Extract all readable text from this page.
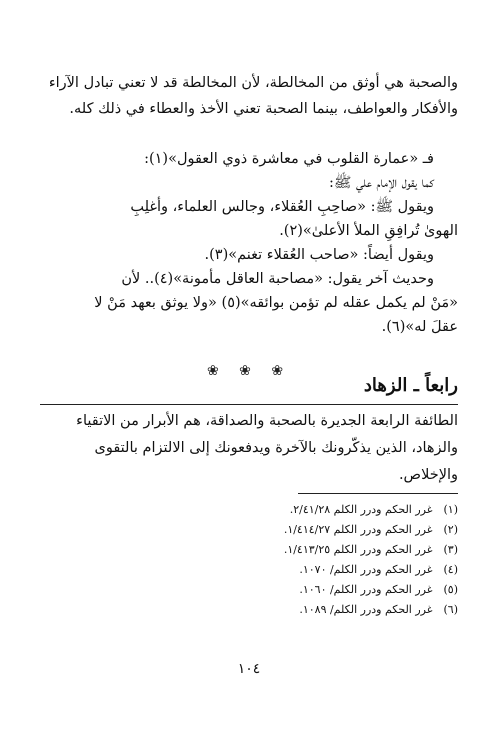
والصحبة هي أوثق من المخالطة، لأن المخالطة قد لا تعني تبادل الآراء والأفكار والعواطف، بينما الصحبة تعني الأخذ والعطاء في ذلك كله.
فـ «عمارة القلوب في معاشرة ذوي العقول»(١):
كما يقول الإمام علي ﷺ:
ويقول ﷺ: «صاحِبِ العُقلاء، وجالس العلماء، وأغلِبِ
الهوىٰ تُرافِقِ الملأ الأعلىٰ»(٢).
ويقول أيضاً: «صاحب العُقلاء تغنم»(٣).
وحديث آخر يقول: «مصاحبة العاقل مأمونة»(٤).. لأن
«مَنْ لم يكمل عقله لم تؤمن بوائقه»(٥) «ولا يوثق بعهد مَنْ لا
عقلَ له»(٦).
❀ ❀ ❀
رابعاً ـ الزهاد
الطائفة الرابعة الجديرة بالصحبة والصداقة، هم الأبرار من الاتقياء والزهاد، الذين يذكّرونك بالآخرة ويدفعونك إلى الالتزام بالتقوى والإخلاص.
(١) غرر الحكم ودرر الكلم ٢/٤١/٢٨.
(٢) غرر الحكم ودرر الكلم ١/٤١٤/٢٧.
(٣) غرر الحكم ودرر الكلم ١/٤١٣/٢٥.
(٤) غرر الحكم ودرر الكلم/ ١٠٧٠.
(٥) غرر الحكم ودرر الكلم/ ١٠٦٠.
(٦) غرر الحكم ودرر الكلم/ ١٠٨٩.
١٠٤
